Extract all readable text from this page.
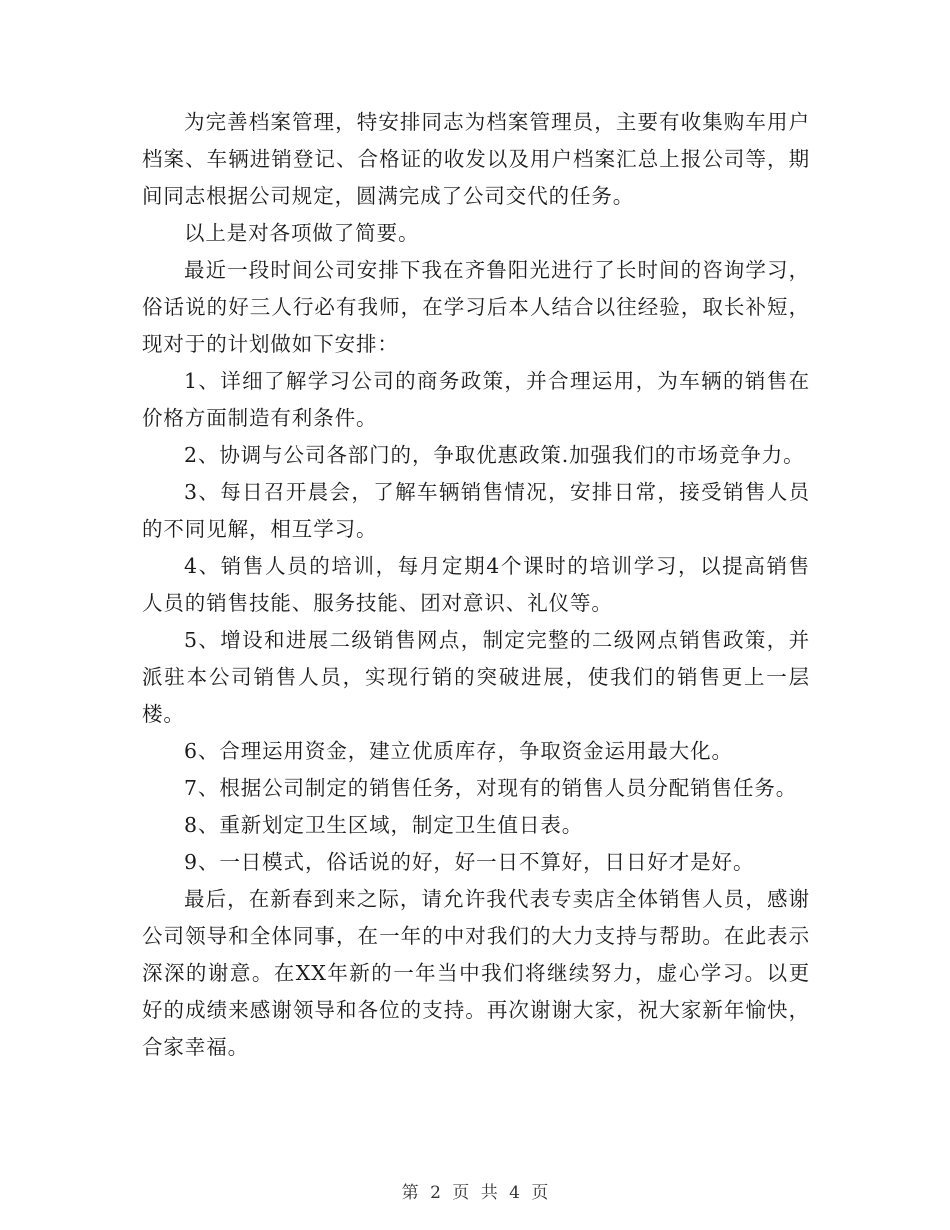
为完善档案管理，特安排同志为档案管理员，主要有收集购车用户档案、车辆进销登记、合格证的收发以及用户档案汇总上报公司等，期间同志根据公司规定，圆满完成了公司交代的任务。

以上是对各项做了简要。

最近一段时间公司安排下我在齐鲁阳光进行了长时间的咨询学习，俗话说的好三人行必有我师，在学习后本人结合以往经验，取长补短，现对于的计划做如下安排：

1、详细了解学习公司的商务政策，并合理运用，为车辆的销售在价格方面制造有利条件。

2、协调与公司各部门的，争取优惠政策.加强我们的市场竞争力。

3、每日召开晨会，了解车辆销售情况，安排日常，接受销售人员的不同见解，相互学习。

4、销售人员的培训，每月定期4个课时的培训学习，以提高销售人员的销售技能、服务技能、团对意识、礼仪等。

5、增设和进展二级销售网点，制定完整的二级网点销售政策，并派驻本公司销售人员，实现行销的突破进展，使我们的销售更上一层楼。

6、合理运用资金，建立优质库存，争取资金运用最大化。

7、根据公司制定的销售任务，对现有的销售人员分配销售任务。

8、重新划定卫生区域，制定卫生值日表。

9、一日模式，俗话说的好，好一日不算好，日日好才是好。

最后，在新春到来之际，请允许我代表专卖店全体销售人员，感谢公司领导和全体同事，在一年的中对我们的大力支持与帮助。在此表示深深的谢意。在XX年新的一年当中我们将继续努力，虚心学习。以更好的成绩来感谢领导和各位的支持。再次谢谢大家，祝大家新年愉快，合家幸福。

第 2 页 共 4 页
